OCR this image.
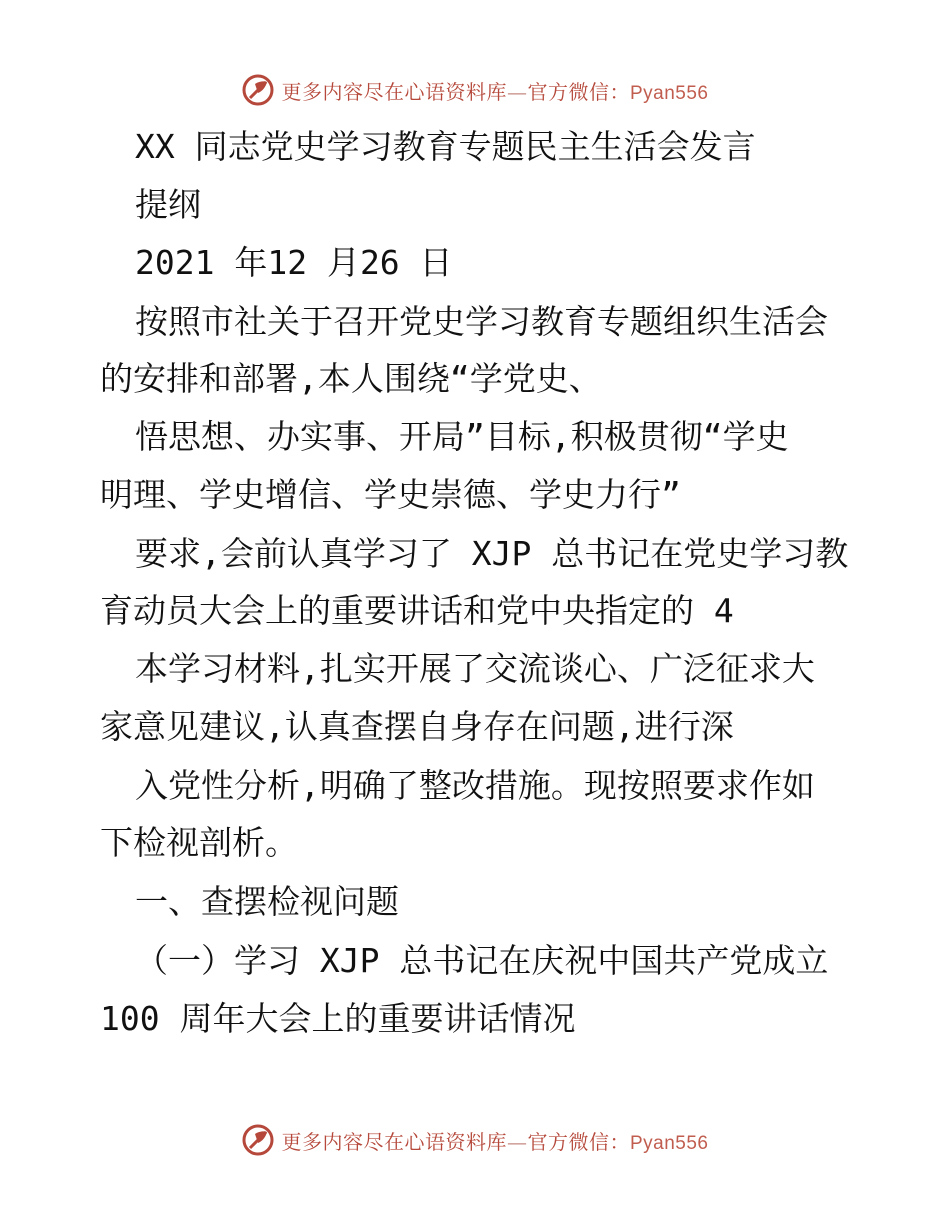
更多内容尽在心语资料库—官方微信：Pyan556
XX 同志党史学习教育专题民主生活会发言
提纲
2021 年12 月26 日
按照市社关于召开党史学习教育专题组织生活会
的安排和部署,本人围绕“学党史、
悟思想、办实事、开局”目标,积极贯彻“学史
明理、学史增信、学史崇德、学史力行”
要求,会前认真学习了 XJP 总书记在党史学习教
育动员大会上的重要讲话和党中央指定的 4
本学习材料,扎实开展了交流谈心、广泛征求大
家意见建议,认真查摆自身存在问题,进行深
入党性分析,明确了整改措施。现按照要求作如
下检视剖析。
一、查摆检视问题
（一）学习 XJP 总书记在庆祝中国共产党成立
100 周年大会上的重要讲话情况
更多内容尽在心语资料库—官方微信：Pyan556
